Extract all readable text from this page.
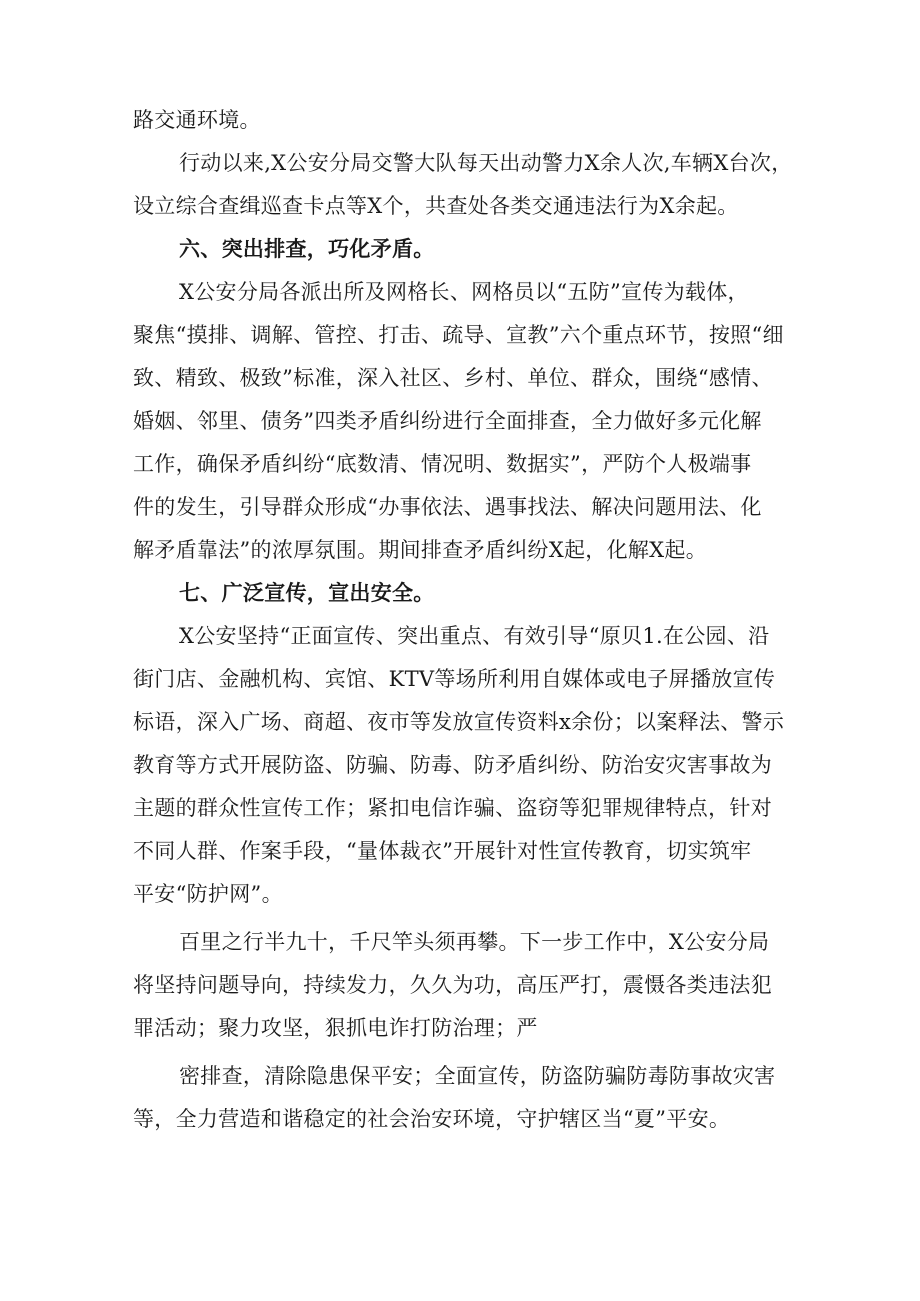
路交通环境。
行动以来,X公安分局交警大队每天出动警力X余人次,车辆X台次，
设立综合查缉巡查卡点等X个，共查处各类交通违法行为X余起。
六、突出排查，巧化矛盾。
X公安分局各派出所及网格长、网格员以“五防”宣传为载体，
聚焦“摸排、调解、管控、打击、疏导、宣教”六个重点环节，按照“细
致、精致、极致”标准，深入社区、乡村、单位、群众，围绕“感情、
婚姻、邻里、债务”四类矛盾纠纷进行全面排查，全力做好多元化解
工作，确保矛盾纠纷“底数清、情况明、数据实”，严防个人极端事
件的发生，引导群众形成“办事依法、遇事找法、解决问题用法、化
解矛盾靠法”的浓厚氛围。期间排查矛盾纠纷X起，化解X起。
七、广泛宣传，宣出安全。
X公安坚持“正面宣传、突出重点、有效引导“原贝1.在公园、沿
街门店、金融机构、宾馆、KTV等场所利用自媒体或电子屏播放宣传
标语，深入广场、商超、夜市等发放宣传资料x余份；以案释法、警示
教育等方式开展防盗、防骗、防毒、防矛盾纠纷、防治安灾害事故为
主题的群众性宣传工作；紧扣电信诈骗、盗窃等犯罪规律特点，针对
不同人群、作案手段，“量体裁衣”开展针对性宣传教育，切实筑牢
平安“防护网”。
百里之行半九十，千尺竿头须再攀。下一步工作中，X公安分局
将坚持问题导向，持续发力，久久为功，高压严打，震慑各类违法犯
罪活动；聚力攻坚，狠抓电诈打防治理；严
密排查，清除隐患保平安；全面宣传，防盗防骗防毒防事故灾害
等，全力营造和谐稳定的社会治安环境，守护辖区当“夏”平安。
